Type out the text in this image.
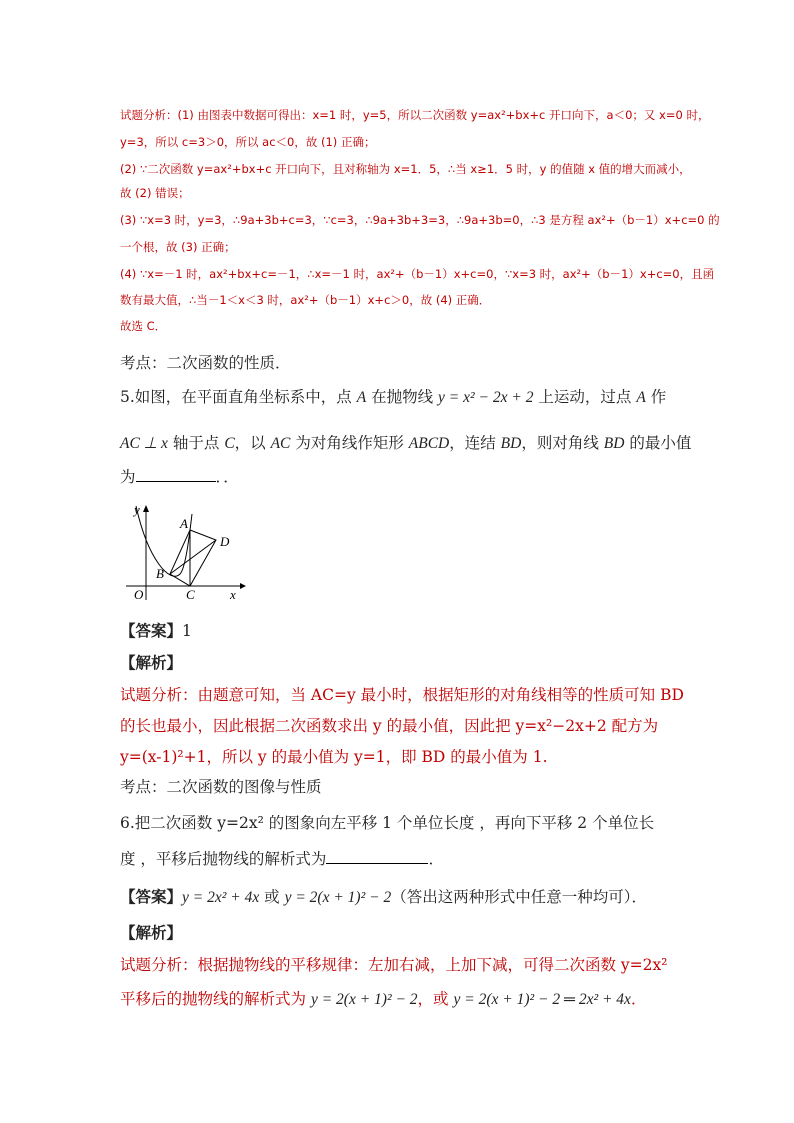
试题分析：(1) 由图表中数据可得出：x=1 时，y=5，所以二次函数 y=ax²+bx+c 开口向下，a＜0；又 x=0 时，
y=3，所以 c=3＞0，所以 ac＜0，故 (1) 正确；
(2) ∵二次函数 y=ax²+bx+c 开口向下，且对称轴为 x=1．5，∴当 x≥1．5 时，y 的值随 x 值的增大而减小，
故 (2) 错误；
(3) ∵x=3 时，y=3，∴9a+3b+c=3，∵c=3，∴9a+3b+3=3，∴9a+3b=0，∴3 是方程 ax²+（b－1）x+c=0 的
一个根，故 (3) 正确；
(4) ∵x=－1 时，ax²+bx+c=－1，∴x=－1 时，ax²+（b－1）x+c=0，∵x=3 时，ax²+（b－1）x+c=0，且函
数有最大值，∴当－1＜x＜3 时，ax²+（b－1）x+c＞0，故 (4) 正确．
故选 C．
考点：二次函数的性质．
5.如图，在平面直角坐标系中，点 A 在抛物线 y = x² − 2x + 2 上运动，过点 A 作
AC ⊥ x 轴于点 C，以 AC 为对角线作矩形 ABCD，连结 BD，则对角线 BD 的最小值
为	．．
y
x
O
A
B
C
D
【答案】1
【解析】
试题分析：由题意可知，当 AC=y 最小时，根据矩形的对角线相等的性质可知 BD
的长也最小，因此根据二次函数求出 y 的最小值，因此把 y=x²−2x+2 配方为
y=(x-1)²+1，所以 y 的最小值为 y=1，即 BD 的最小值为 1.
考点：二次函数的图像与性质
6.把二次函数 y=2x² 的图象向左平移 1 个单位长度 ，再向下平移 2 个单位长
度 ，平移后抛物线的解析式为	．
【答案】y = 2x² + 4x 或 y = 2(x + 1)² − 2（答出这两种形式中任意一种均可）．
【解析】
试题分析：根据抛物线的平移规律：左加右减，上加下减，可得二次函数 y=2x²
平移后的抛物线的解析式为 y = 2(x + 1)² − 2，或 y = 2(x + 1)² − 2 ═ 2x² + 4x．
